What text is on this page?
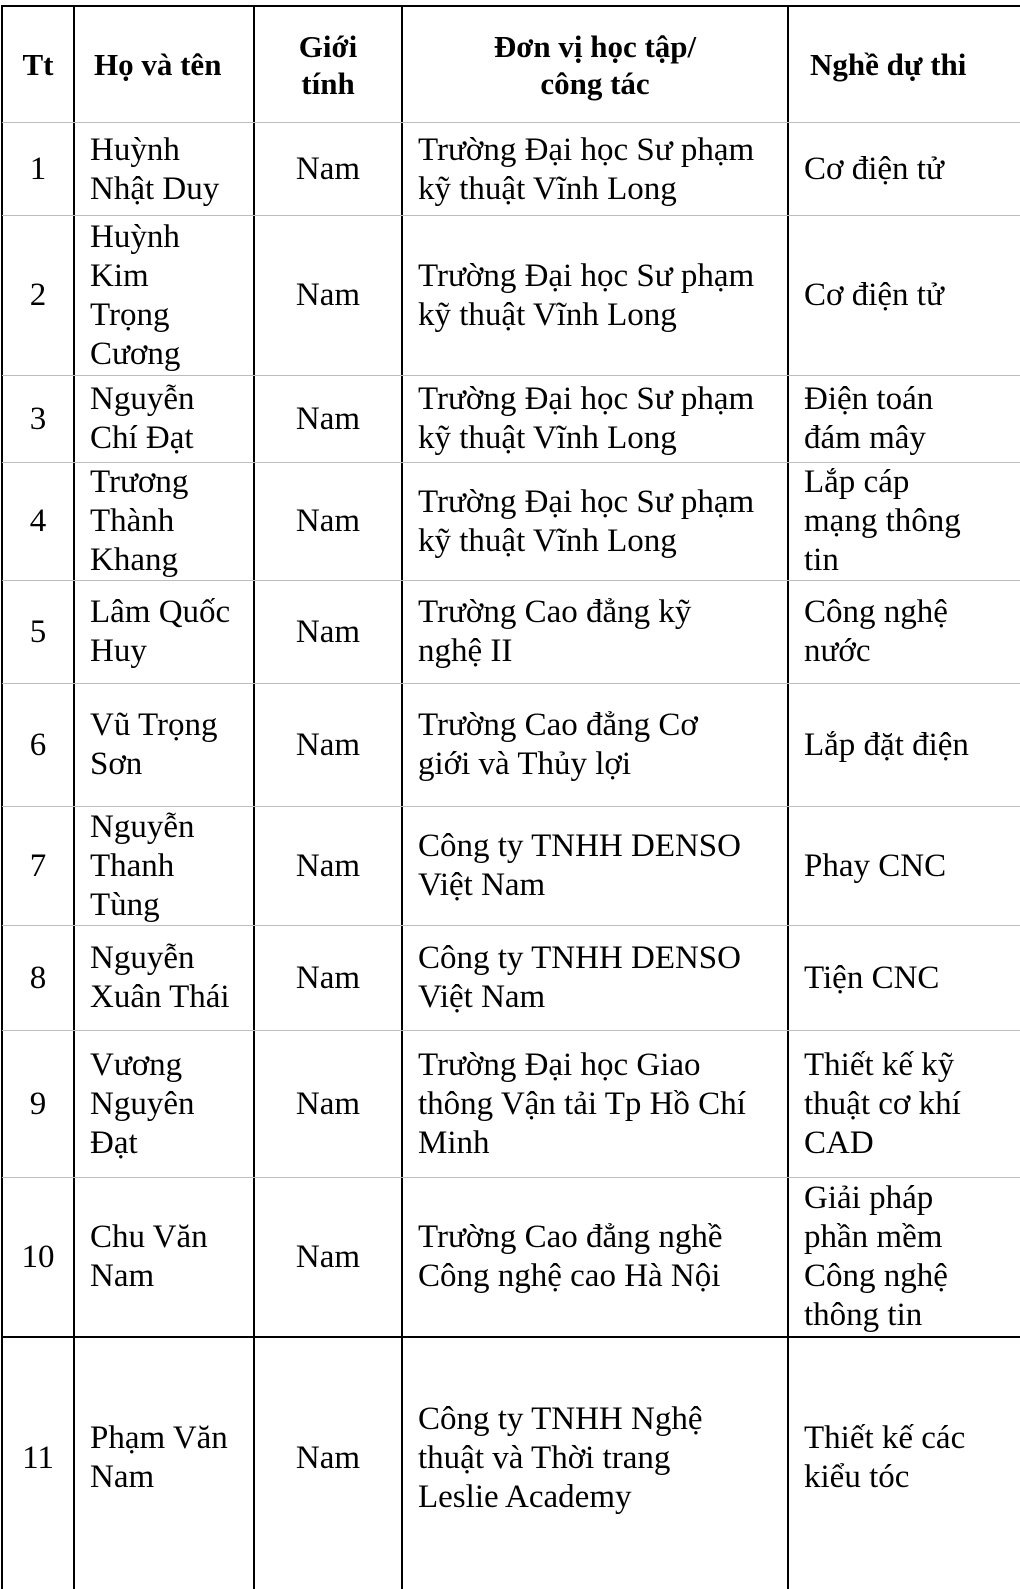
Tt Họ và tên
Giới
tính
Đơn vị học tập/
công tác
Nghề dự thi
1
Huỳnh
Nhật Duy
Nam
Trường Đại học Sư phạm
kỹ thuật Vĩnh Long
Cơ điện tử
2
Huỳnh
Kim
Trọng
Cương
Nam
Trường Đại học Sư phạm
kỹ thuật Vĩnh Long
Cơ điện tử
3
Nguyễn
Chí Đạt
Nam
Trường Đại học Sư phạm
kỹ thuật Vĩnh Long
Điện toán
đám mây
4
Trương
Thành
Khang
Nam
Trường Đại học Sư phạm
kỹ thuật Vĩnh Long
Lắp cáp
mạng thông
tin
5
Lâm Quốc
Huy
Nam
Trường Cao đẳng kỹ
nghệ II
Công nghệ
nước
6
Vũ Trọng
Sơn
Nam
Trường Cao đẳng Cơ
giới và Thủy lợi
Lắp đặt điện
7
Nguyễn
Thanh
Tùng
Nam
Công ty TNHH DENSO
Việt Nam
Phay CNC
8
Nguyễn
Xuân Thái
Nam
Công ty TNHH DENSO
Việt Nam
Tiện CNC
9
Vương
Nguyên
Đạt
Nam
Trường Đại học Giao
thông Vận tải Tp Hồ Chí
Minh
Thiết kế kỹ
thuật cơ khí
CAD
10
Chu Văn
Nam
Nam
Trường Cao đẳng nghề
Công nghệ cao Hà Nội
Giải pháp
phần mềm
Công nghệ
thông tin
11
Phạm Văn
Nam
Nam
Công ty TNHH Nghệ
thuật và Thời trang
Leslie Academy
Thiết kế các
kiểu tóc
